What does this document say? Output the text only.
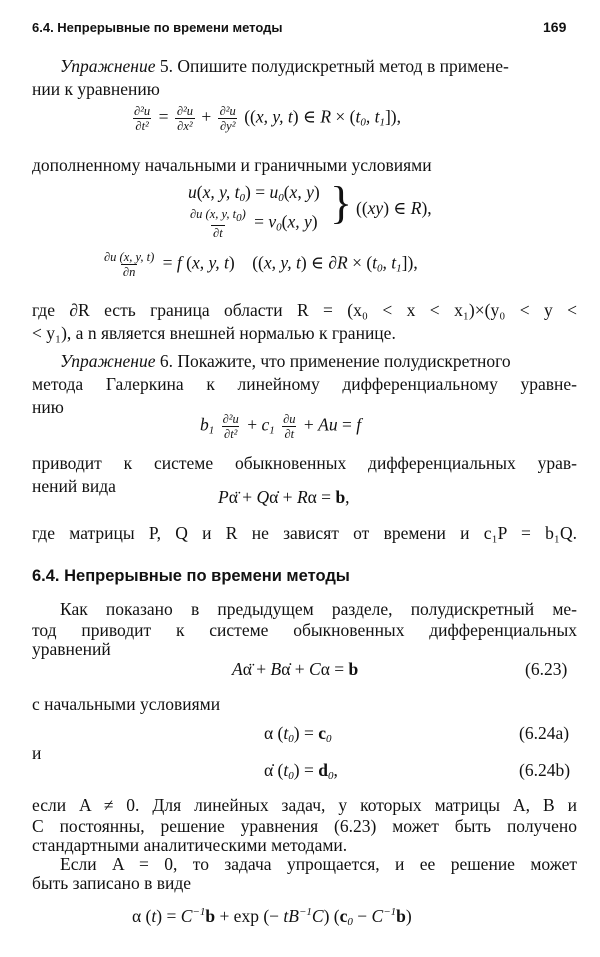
6.4. Непрерывные по времени методы	169
Упражнение 5. Опишите полудискретный метод в примене-
нии к уравнению
$\frac{\text{∂²u}}{\text{∂t²}} = \frac{\text{∂²u}}{\text{∂x²}} + \frac{\text{∂²u}}{\text{∂y²}} ((x$, y, t) ∈ $R \times (t_0$, $t_1$]),
дополненному начальными и граничными условиями
u(x, y, $t_0) = u_0(x$, y)
$\frac{\partial u (x, y, t0)}{\partial t} = v_0(x$, y) } ((xy) ∈ R),
$\frac{\partial u (x, y, t)}{\partial n} = f$ (x, y, t)    ((x, y, t) ∈ $\partial R \times (t_0$, $t_1$]),
где ∂R есть граница области R = (x₀ < x < x₁)×(y₀ < y <
< y₁), а n является внешней нормалью к границе.
Упражнение 6. Покажите, что применение полудискретного
метода Галеркина к линейному дифференциальному уравне-
нию
$b_1 \frac{\text{∂²u}}{\text{∂t²}} + c_1 \frac{\partial u}{\partial t} + Au = f$
приводит к системе обыкновенных дифференциальных урав-
нений вида
Pα̈ + Qα̇ + Rα = b,
где матрицы P, Q и R не зависят от времени и c₁P = b₁Q.
6.4. Непрерывные по времени методы
Как показано в предыдущем разделе, полудискретный ме-
тод приводит к системе обыкновенных дифференциальных
уравнений
Aα̈ + Bα̇ + Cα = b	(6.23)
с начальными условиями
α $(t_0) = c_0$	(6.24a)
и
α̇ $(t_0) = d_0$,	(6.24b)
если A ≠ 0. Для линейных задач, у которых матрицы A, B и
C постоянны, решение уравнения (6.23) может быть получено
стандартными аналитическими методами.
Если A = 0, то задача упрощается, и ее решение может
быть записано в виде
α $(t) = C^{-1}b + \exp$ (− $tB^{-1}C$) $(c_0 - C^{-1}b)$
